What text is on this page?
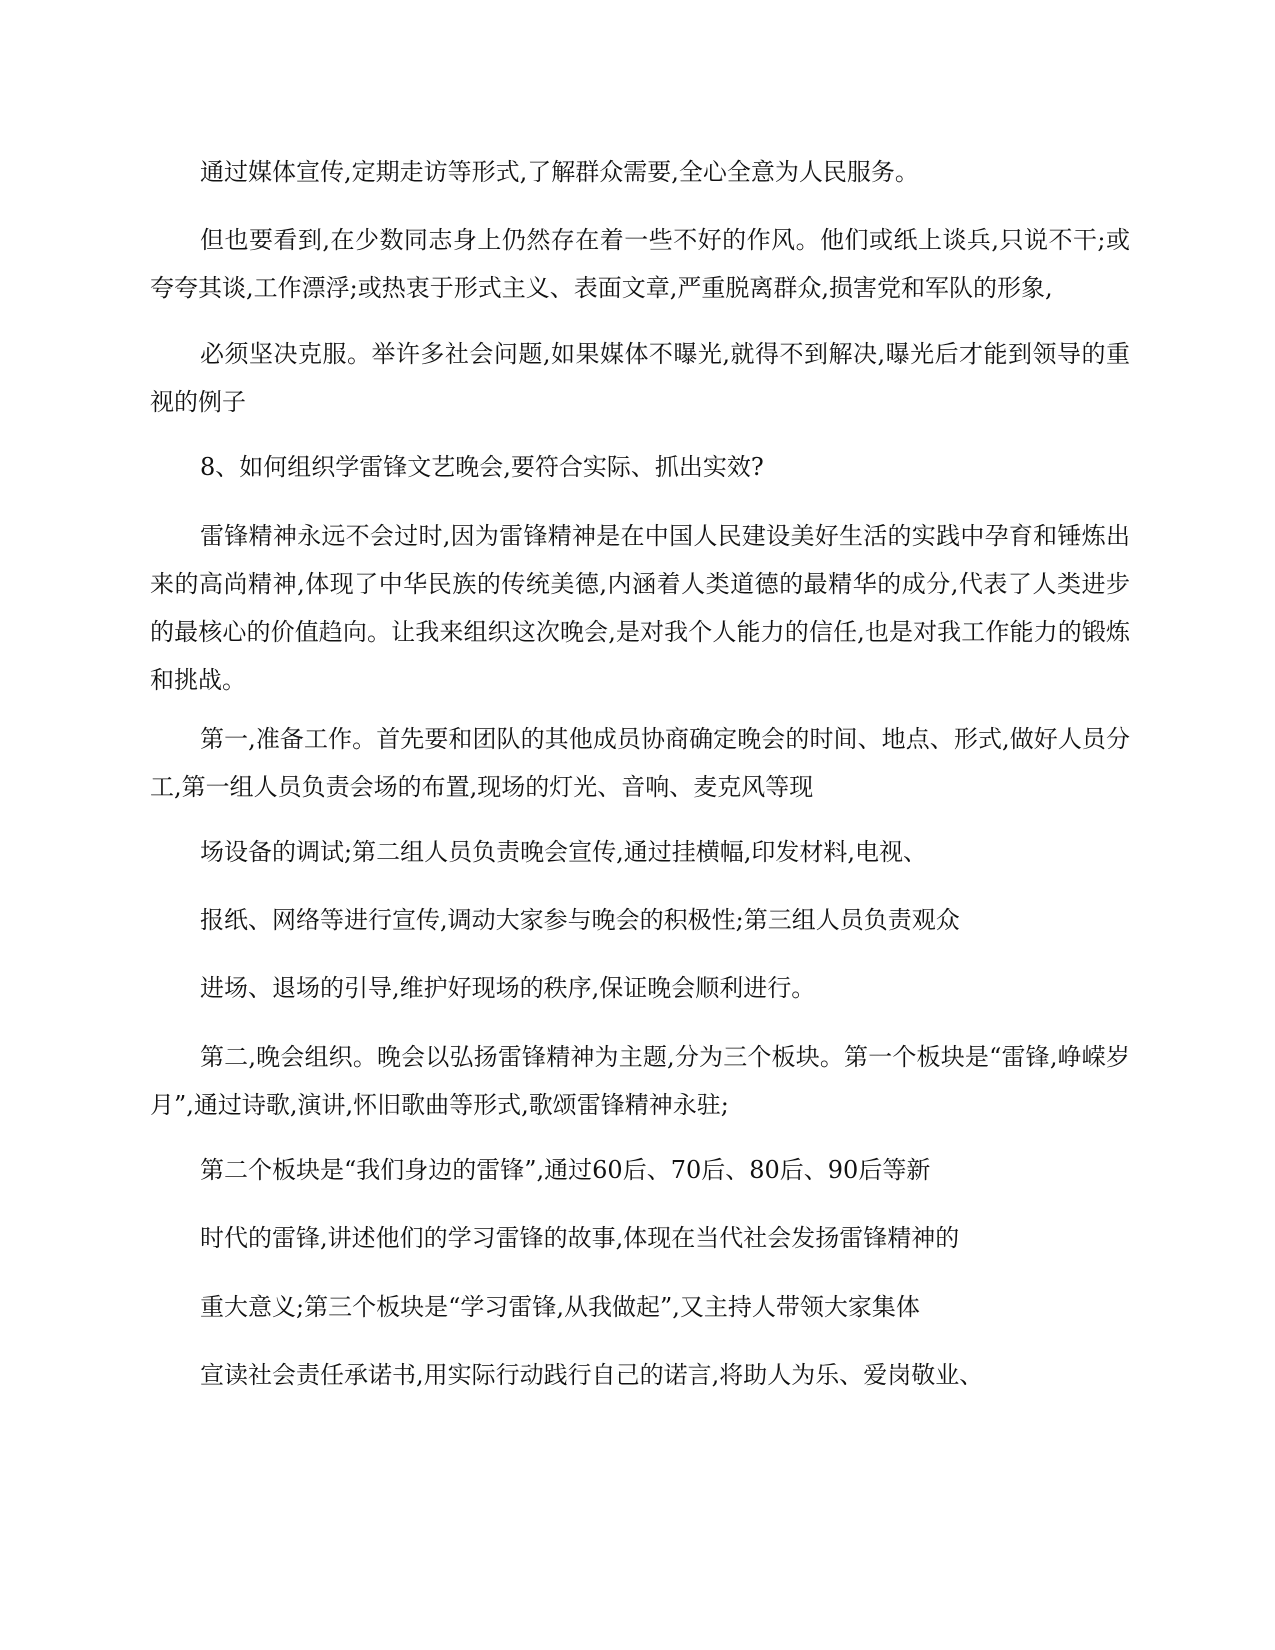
通过媒体宣传,定期走访等形式,了解群众需要,全心全意为人民服务。

但也要看到,在少数同志身上仍然存在着一些不好的作风。他们或纸上谈兵,只说不干;或夸夸其谈,工作漂浮;或热衷于形式主义、表面文章,严重脱离群众,损害党和军队的形象,

必须坚决克服。举许多社会问题,如果媒体不曝光,就得不到解决,曝光后才能到领导的重视的例子

8、如何组织学雷锋文艺晚会,要符合实际、抓出实效?

雷锋精神永远不会过时,因为雷锋精神是在中国人民建设美好生活的实践中孕育和锤炼出来的高尚精神,体现了中华民族的传统美德,内涵着人类道德的最精华的成分,代表了人类进步的最核心的价值趋向。让我来组织这次晚会,是对我个人能力的信任,也是对我工作能力的锻炼和挑战。

第一,准备工作。首先要和团队的其他成员协商确定晚会的时间、地点、形式,做好人员分工,第一组人员负责会场的布置,现场的灯光、音响、麦克风等现

场设备的调试;第二组人员负责晚会宣传,通过挂横幅,印发材料,电视、

报纸、网络等进行宣传,调动大家参与晚会的积极性;第三组人员负责观众

进场、退场的引导,维护好现场的秩序,保证晚会顺利进行。

第二,晚会组织。晚会以弘扬雷锋精神为主题,分为三个板块。第一个板块是“雷锋,峥嵘岁月”,通过诗歌,演讲,怀旧歌曲等形式,歌颂雷锋精神永驻;

第二个板块是“我们身边的雷锋”,通过60后、70后、80后、90后等新

时代的雷锋,讲述他们的学习雷锋的故事,体现在当代社会发扬雷锋精神的

重大意义;第三个板块是“学习雷锋,从我做起”,又主持人带领大家集体

宣读社会责任承诺书,用实际行动践行自己的诺言,将助人为乐、爱岗敬业、
